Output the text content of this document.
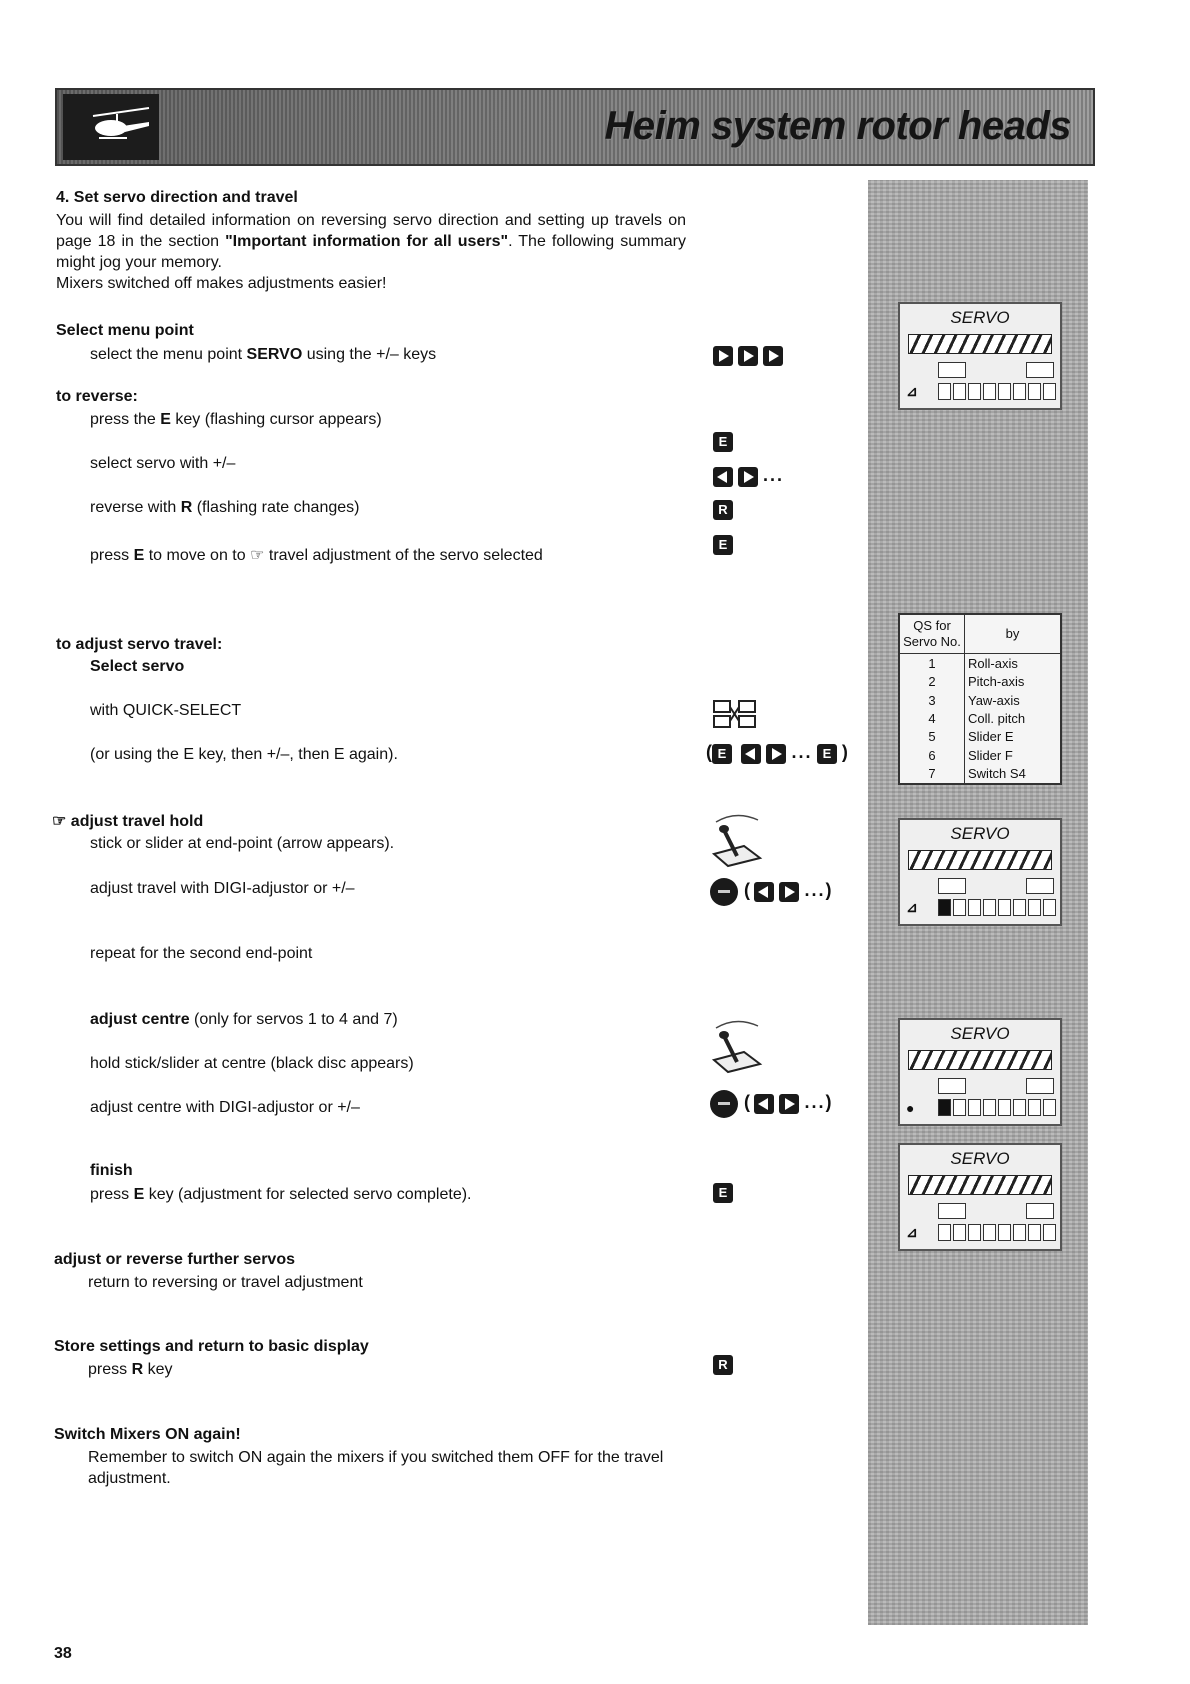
Heim system rotor heads
4. Set servo direction and travel
You will find detailed information on reversing servo direction and setting up travels on page 18 in the section "Important information for all users". The following summary might jog your memory.
Mixers switched off makes adjustments easier!
Select menu point
select the menu point SERVO using the +/– keys
to reverse:
press the E key (flashing cursor appears)
select servo with +/–
reverse with R (flashing rate changes)
press E to move on to ☞ travel adjustment of the servo selected
E
...
R
E
SERVO
⊿
to adjust servo travel:
Select servo
with QUICK-SELECT
(or using the E key, then +/–, then E again).	( E	... E )
QS for
Servo No.	by
1	Roll-axis
2	Pitch-axis
3	Yaw-axis
4	Coll. pitch
5	Slider E
6	Slider F
7	Switch S4
☞ adjust travel hold
stick or slider at end-point (arrow appears).
adjust travel with DIGI-adjustor or +/–
repeat for the second end-point
(	...)
SERVO
⊿
adjust centre (only for servos 1 to 4 and 7)
hold stick/slider at centre (black disc appears)
adjust centre with DIGI-adjustor or +/–	(	...)
SERVO
●
finish
press E key (adjustment for selected servo complete).	E
SERVO
⊿
adjust or reverse further servos
return to reversing or travel adjustment
Store settings and return to basic display
press R key	R
Switch Mixers ON again!
Remember to switch ON again the mixers if you switched them OFF for the travel adjustment.
38
